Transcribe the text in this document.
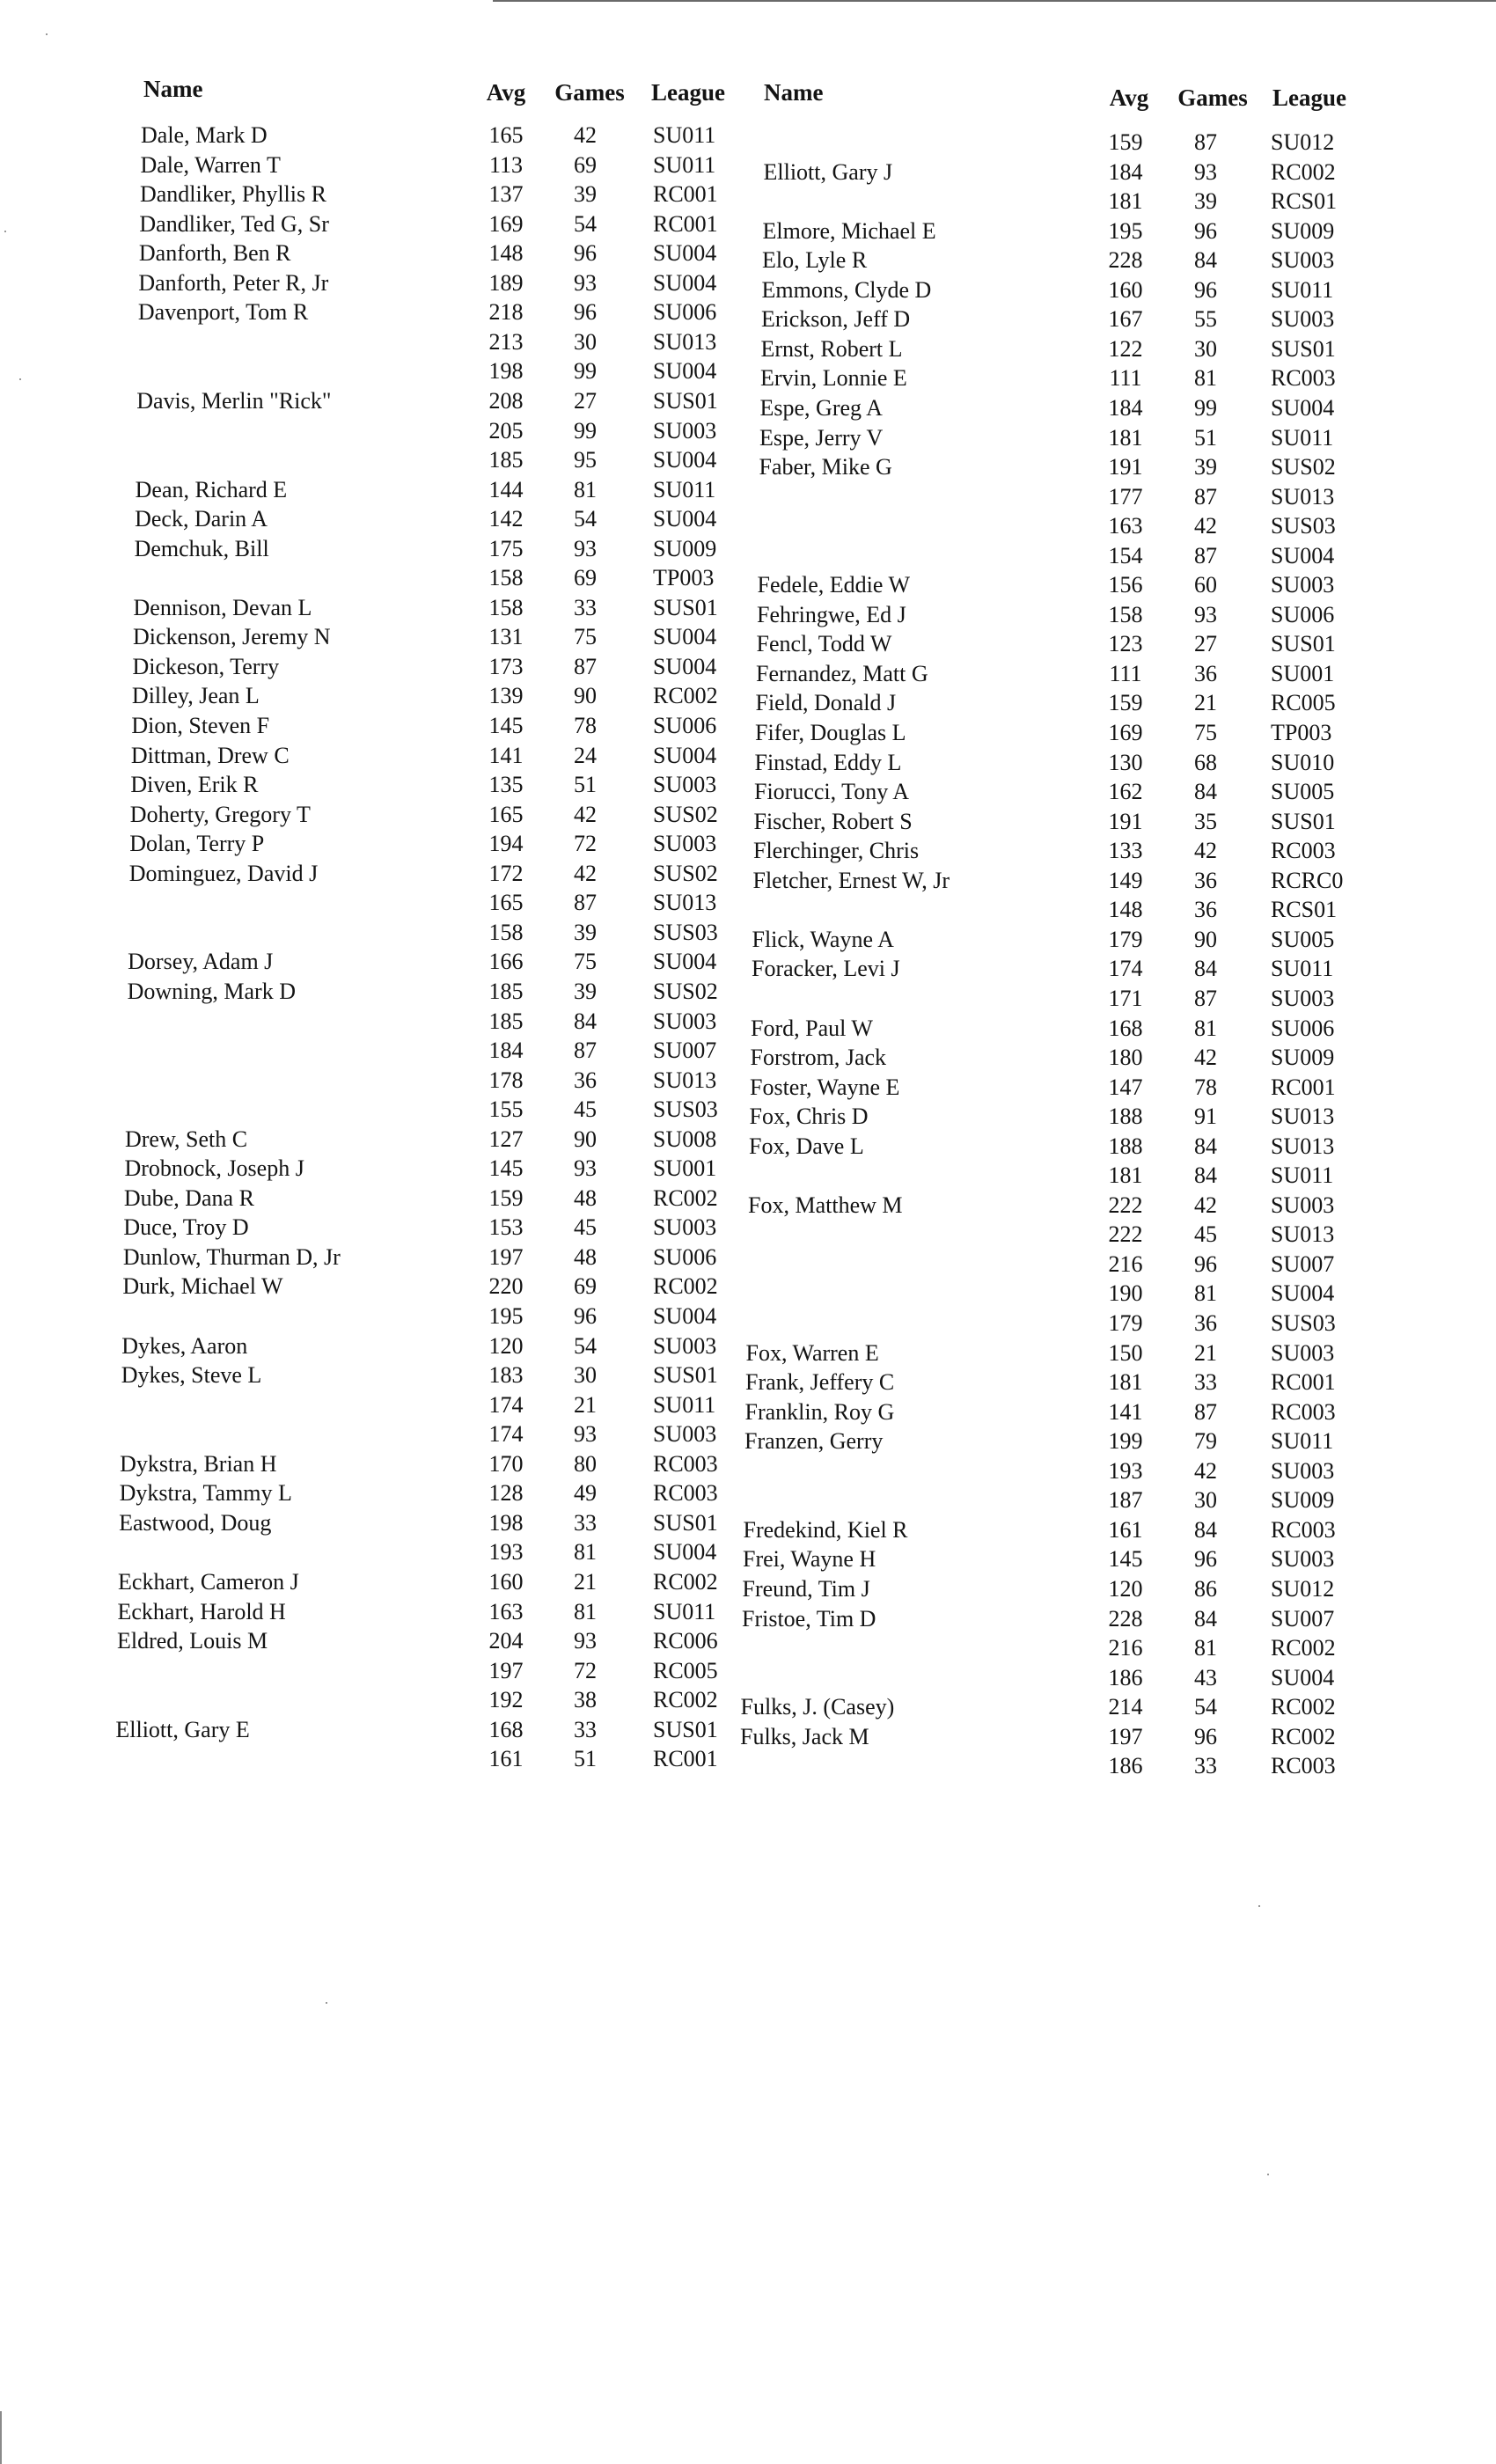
Name	Avg	Games	League Name	Avg	Games	League
Dale, Mark D	165	42	SU011
Dale, Warren T	113	69	SU011
Dandliker, Phyllis R	137	39	RC001
Dandliker, Ted G, Sr	169	54	RC001
Danforth, Ben R	148	96	SU004
Danforth, Peter R, Jr	189	93	SU004
Davenport, Tom R	218	96	SU006
213	30	SU013
198	99	SU004
Davis, Merlin "Rick"	208	27	SUS01
205	99	SU003
185	95	SU004
Dean, Richard E	144	81	SU011
Deck, Darin A	142	54	SU004
Demchuk, Bill	175	93	SU009
158	69	TP003
Dennison, Devan L	158	33	SUS01
Dickenson, Jeremy N	131	75	SU004
Dickeson, Terry	173	87	SU004
Dilley, Jean L	139	90	RC002
Dion, Steven F	145	78	SU006
Dittman, Drew C	141	24	SU004
Diven, Erik R	135	51	SU003
Doherty, Gregory T	165	42	SUS02
Dolan, Terry P	194	72	SU003
Dominguez, David J	172	42	SUS02
165	87	SU013
158	39	SUS03
Dorsey, Adam J	166	75	SU004
Downing, Mark D	185	39	SUS02
185	84	SU003
184	87	SU007
178	36	SU013
155	45	SUS03
Drew, Seth C	127	90	SU008
Drobnock, Joseph J	145	93	SU001
Dube, Dana R	159	48	RC002
Duce, Troy D	153	45	SU003
Dunlow, Thurman D, Jr	197	48	SU006
Durk, Michael W	220	69	RC002
195	96	SU004
Dykes, Aaron	120	54	SU003
Dykes, Steve L	183	30	SUS01
174	21	SU011
174	93	SU003
Dykstra, Brian H	170	80	RC003
Dykstra, Tammy L	128	49	RC003
Eastwood, Doug	198	33	SUS01
193	81	SU004
Eckhart, Cameron J	160	21	RC002
Eckhart, Harold H	163	81	SU011
Eldred, Louis M	204	93	RC006
197	72	RC005
192	38	RC002
Elliott, Gary E	168	33	SUS01
161	51	RC001
159	87	SU012
Elliott, Gary J	184	93	RC002
181	39	RCS01
Elmore, Michael E	195	96	SU009
Elo, Lyle R	228	84	SU003
Emmons, Clyde D	160	96	SU011
Erickson, Jeff D	167	55	SU003
Ernst, Robert L	122	30	SUS01
Ervin, Lonnie E	111	81	RC003
Espe, Greg A	184	99	SU004
Espe, Jerry V	181	51	SU011
Faber, Mike G	191	39	SUS02
177	87	SU013
163	42	SUS03
154	87	SU004
Fedele, Eddie W	156	60	SU003
Fehringwe, Ed J	158	93	SU006
Fencl, Todd W	123	27	SUS01
Fernandez, Matt G	111	36	SU001
Field, Donald J	159	21	RC005
Fifer, Douglas L	169	75	TP003
Finstad, Eddy L	130	68	SU010
Fiorucci, Tony A	162	84	SU005
Fischer, Robert S	191	35	SUS01
Flerchinger, Chris	133	42	RC003
Fletcher, Ernest W, Jr	149	36	RCRC0
148	36	RCS01
Flick, Wayne A	179	90	SU005
Foracker, Levi J	174	84	SU011
171	87	SU003
Ford, Paul W	168	81	SU006
Forstrom, Jack	180	42	SU009
Foster, Wayne E	147	78	RC001
Fox, Chris D	188	91	SU013
Fox, Dave L	188	84	SU013
181	84	SU011
Fox, Matthew M	222	42	SU003
222	45	SU013
216	96	SU007
190	81	SU004
179	36	SUS03
Fox, Warren E	150	21	SU003
Frank, Jeffery C	181	33	RC001
Franklin, Roy G	141	87	RC003
Franzen, Gerry	199	79	SU011
193	42	SU003
187	30	SU009
Fredekind, Kiel R	161	84	RC003
Frei, Wayne H	145	96	SU003
Freund, Tim J	120	86	SU012
Fristoe, Tim D	228	84	SU007
216	81	RC002
186	43	SU004
Fulks, J. (Casey)	214	54	RC002
Fulks, Jack M	197	96	RC002
186	33	RC003
